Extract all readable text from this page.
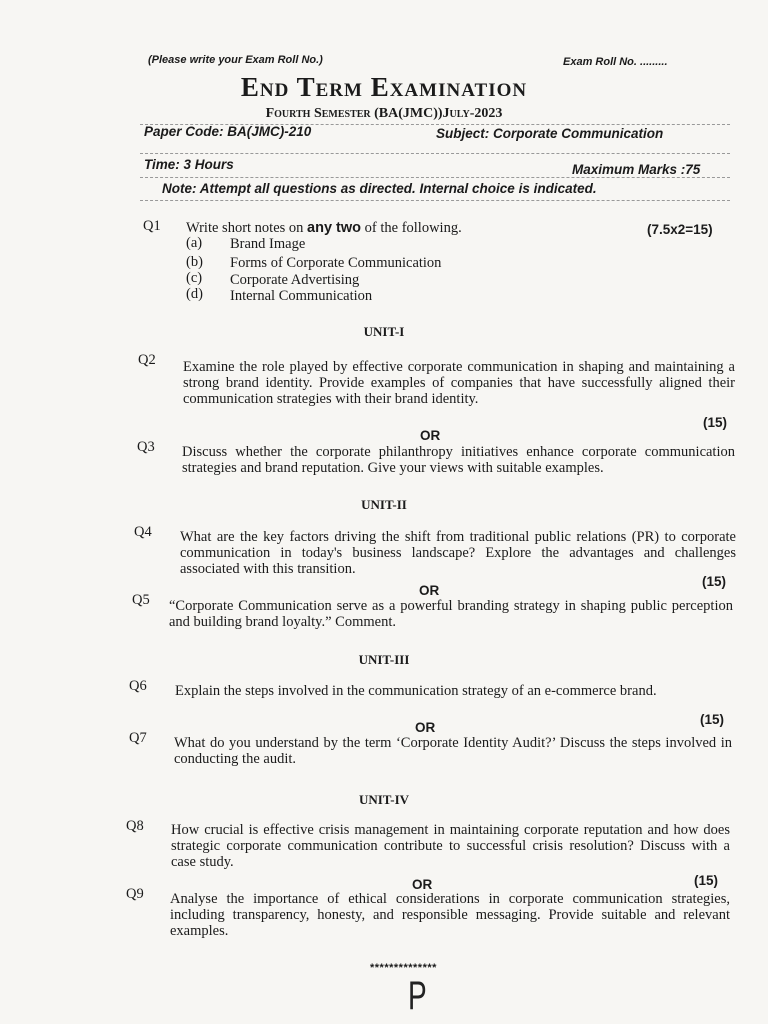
(Please write your Exam Roll No.)	Exam Roll No. .........
End Term Examination
Fourth Semester (BA(JMC))July-2023
Paper Code: BA(JMC)-210	Subject: Corporate Communication
Time: 3 Hours	Maximum Marks :75
Note: Attempt all questions as directed. Internal choice is indicated.
Q1 Write short notes on any two of the following.	(7.5x2=15)
(a) Brand Image
(b) Forms of Corporate Communication
(c) Corporate Advertising
(d) Internal Communication
UNIT-I
Q2 Examine the role played by effective corporate communication in shaping and maintaining a strong brand identity. Provide examples of companies that have successfully aligned their communication strategies with their brand identity.
(15)
OR
Q3 Discuss whether the corporate philanthropy initiatives enhance corporate communication strategies and brand reputation. Give your views with suitable examples.
UNIT-II
Q4 What are the key factors driving the shift from traditional public relations (PR) to corporate communication in today's business landscape? Explore the advantages and challenges associated with this transition.
(15)
OR
Q5 “Corporate Communication serve as a powerful branding strategy in shaping public perception and building brand loyalty.” Comment.
UNIT-III
Q6 Explain the steps involved in the communication strategy of an e-commerce brand.
(15)
OR
Q7 What do you understand by the term ‘Corporate Identity Audit?’ Discuss the steps involved in conducting the audit.
UNIT-IV
Q8 How crucial is effective crisis management in maintaining corporate reputation and how does strategic corporate communication contribute to successful crisis resolution? Discuss with a case study.
(15)
OR
Q9 Analyse the importance of ethical considerations in corporate communication strategies, including transparency, honesty, and responsible messaging. Provide suitable and relevant examples.
**************
P
